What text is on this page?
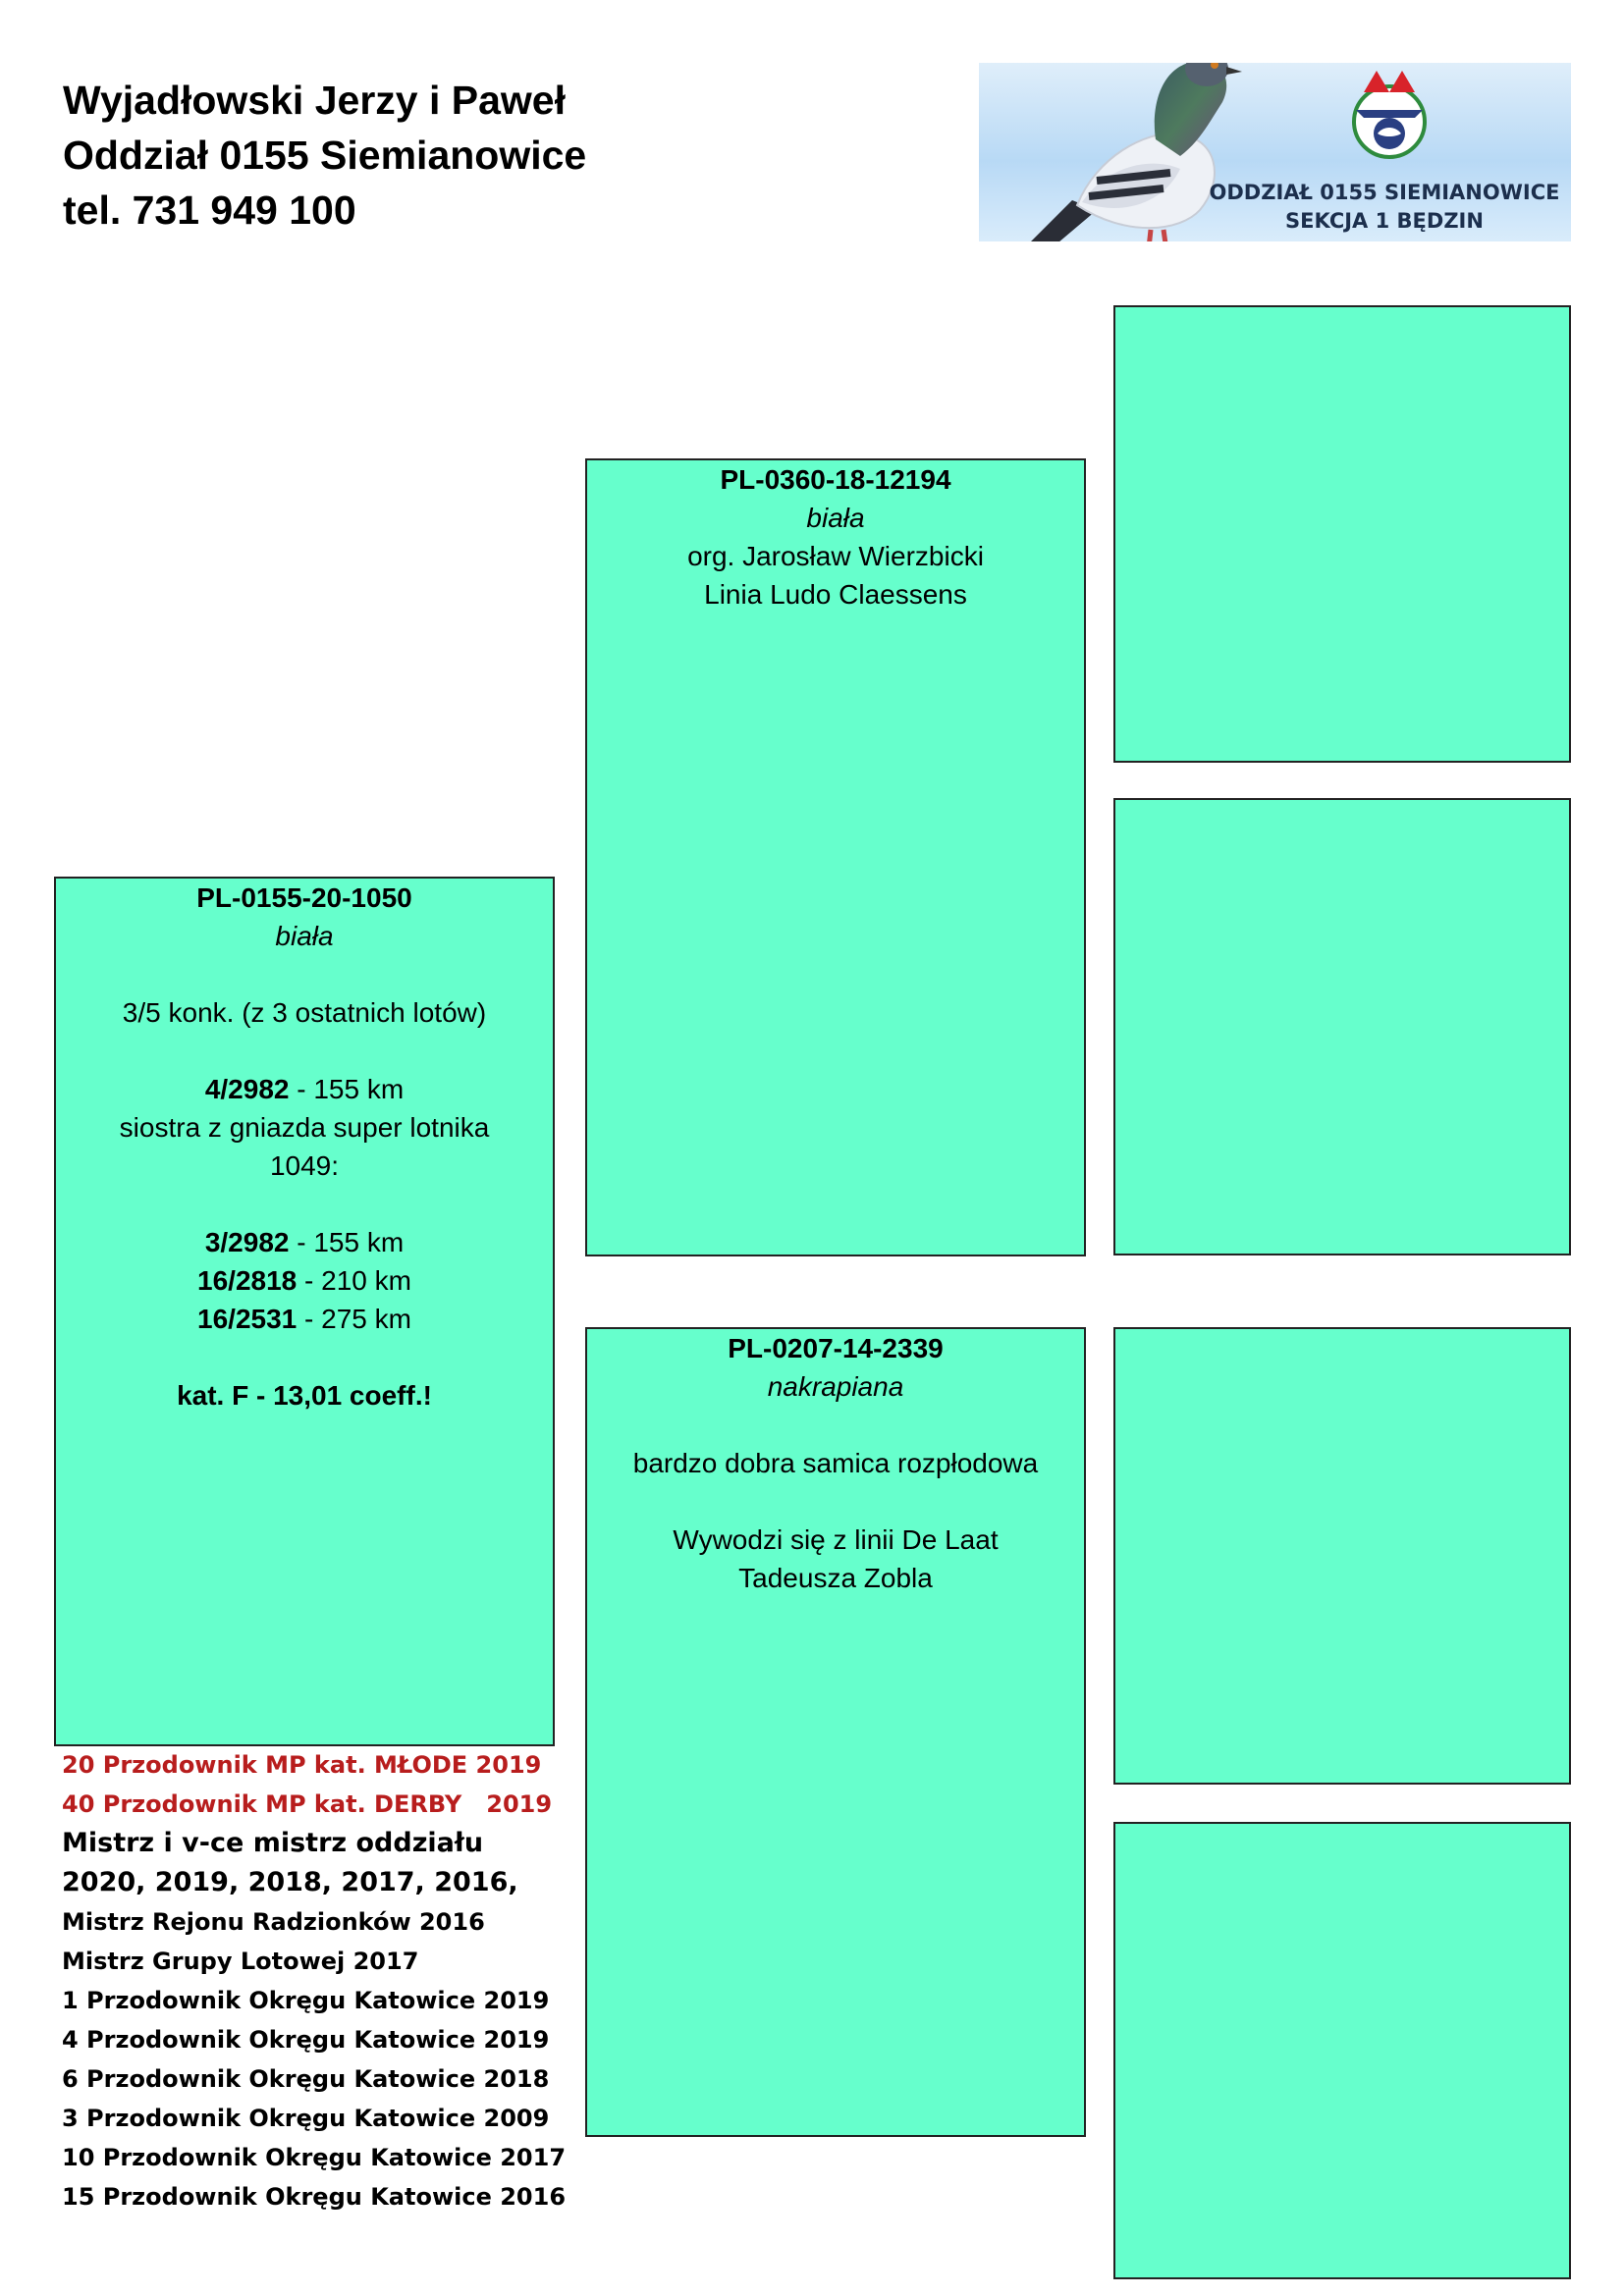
Wyjadłowski Jerzy i Paweł
Oddział 0155 Siemianowice
tel. 731 949 100	ODDZIAŁ 0155 SIEMIANOWICE
SEKCJA 1 BĘDZIN
PL-0155-20-1050
biała
3/5 konk. (z 3 ostatnich lotów)
4/2982 - 155 km
siostra z gniazda super lotnika
1049:
3/2982 - 155 km
16/2818 - 210 km
16/2531 - 275 km
kat. F - 13,01 coeff.!
PL-0360-18-12194
biała
org. Jarosław Wierzbicki
Linia Ludo Claessens
PL-0207-14-2339
nakrapiana
bardzo dobra samica rozpłodowa
Wywodzi się z linii De Laat
Tadeusza Zobla
20 Przodownik MP kat. MŁODE 2019
40 Przodownik MP kat. DERBY   2019
Mistrz i v-ce mistrz oddziału
2020, 2019, 2018, 2017, 2016,
Mistrz Rejonu Radzionków 2016
Mistrz Grupy Lotowej 2017
1 Przodownik Okręgu Katowice 2019
4 Przodownik Okręgu Katowice 2019
6 Przodownik Okręgu Katowice 2018
3 Przodownik Okręgu Katowice 2009
10 Przodownik Okręgu Katowice 2017
15 Przodownik Okręgu Katowice 2016
